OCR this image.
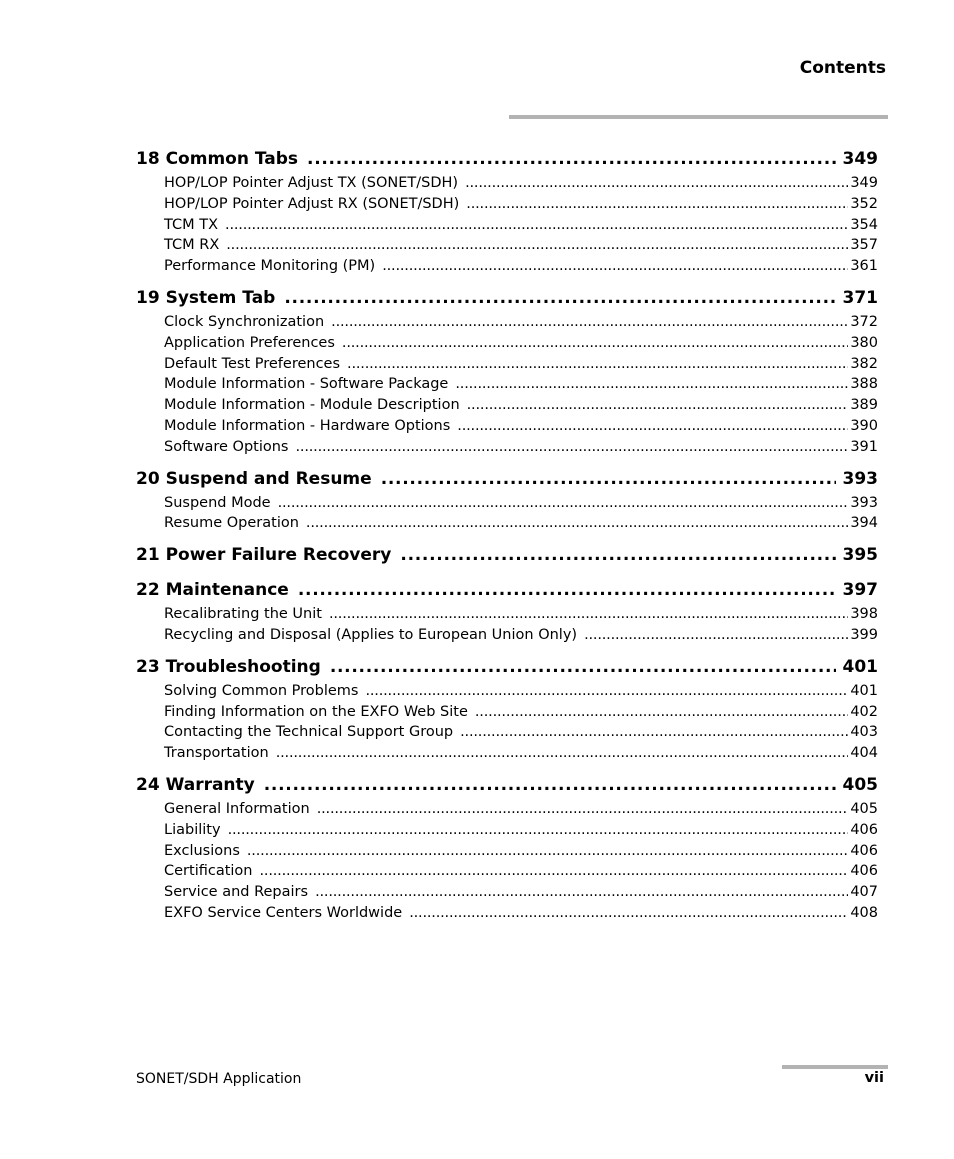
Contents
18 Common Tabs . . .	349
HOP/LOP Pointer Adjust TX (SONET/SDH) . . .	349
HOP/LOP Pointer Adjust RX (SONET/SDH) . . .	352
TCM TX . . .	354
TCM RX . . .	357
Performance Monitoring (PM) . . .	361
19 System Tab . . .	371
Clock Synchronization . . .	372
Application Preferences . . .	380
Default Test Preferences . . .	382
Module Information - Software Package . . .	388
Module Information - Module Description . . .	389
Module Information - Hardware Options . . .	390
Software Options . . .	391
20 Suspend and Resume . . .	393
Suspend Mode . . .	393
Resume Operation . . .	394
21 Power Failure Recovery . . .	395
22 Maintenance . . .	397
Recalibrating the Unit . . .	398
Recycling and Disposal (Applies to European Union Only) . . .	399
23 Troubleshooting . . .	401
Solving Common Problems . . .	401
Finding Information on the EXFO Web Site . . .	402
Contacting the Technical Support Group . . .	403
Transportation . . .	404
24 Warranty . . .	405
General Information . . .	405
Liability . . .	406
Exclusions . . .	406
Certification . . .	406
Service and Repairs . . .	407
EXFO Service Centers Worldwide . . .	408
SONET/SDH Application	vii
